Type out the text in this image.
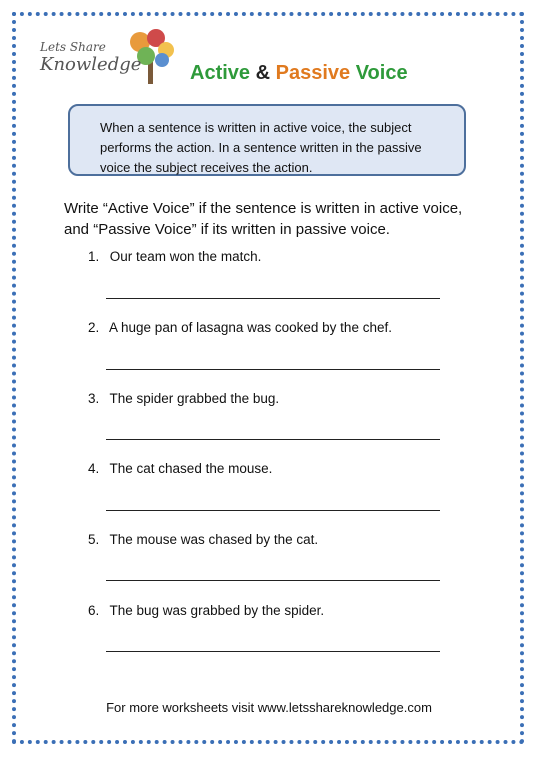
Lets Share
Knowledge Active & Passive Voice
When a sentence is written in active voice, the subject performs the action. In a sentence written in the passive voice the subject receives the action.
Write “Active Voice” if the sentence is written in active voice, and “Passive Voice” if its written in passive voice.
1. Our team won the match.
2. A huge pan of lasagna was cooked by the chef.
3. The spider grabbed the bug.
4. The cat chased the mouse.
5. The mouse was chased by the cat.
6. The bug was grabbed by the spider.
For more worksheets visit www.letsshareknowledge.com
